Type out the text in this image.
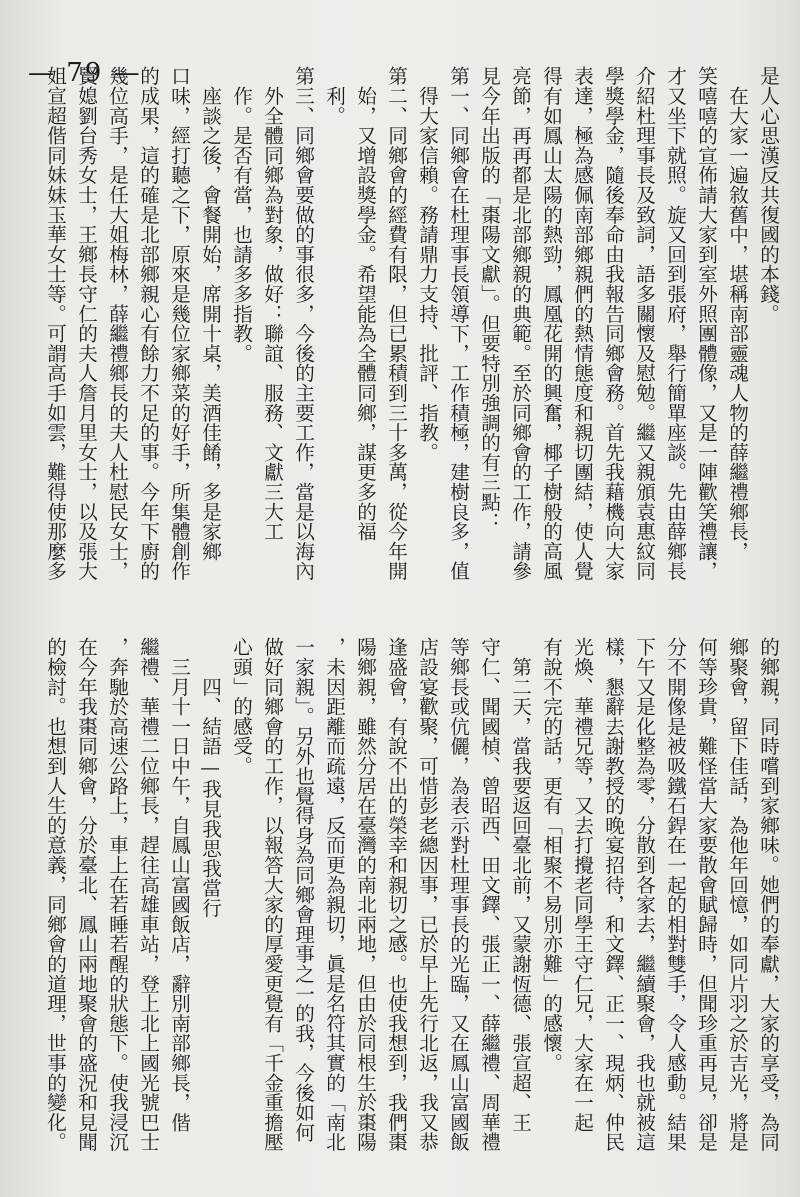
— 79 —	是人心思漢反共復國的本錢。
　在大家一遍敘舊中，堪稱南部靈魂人物的薛繼禮鄉長，
笑嘻嘻的宣佈請大家到室外照團體像，又是一陣歡笑禮讓，
才又坐下就照。旋又回到張府，舉行簡單座談。先由薛鄉長
介紹杜理事長及致詞，語多關懷及慰勉。繼又親頒袁惠紋同
學獎學金，隨後奉命由我報告同鄉會務。首先我藉機向大家
表達，極為感佩南部鄉親們的熱情態度和親切團結，使人覺
得有如鳳山太陽的熱勁，鳳凰花開的興奮，椰子樹般的高風
亮節，再再都是北部鄉親的典範。至於同鄉會的工作，請參
見今年出版的「棗陽文獻」。但要特別強調的有三點：
第一、同鄉會在杜理事長領導下，工作積極，建樹良多，值
　得大家信賴。務請鼎力支持、批評、指教。
第二、同鄉會的經費有限，但已累積到三十多萬，從今年開
　始，又增設獎學金。希望能為全體同鄉，謀更多的福
　利。
第三、同鄉會要做的事很多，今後的主要工作，當是以海內
　外全體同鄉為對象，做好：聯誼、服務、文獻三大工
　作。是否有當，也請多多指教。
　座談之後，會餐開始，席開十桌，美酒佳餚，多是家鄉
口味，經打聽之下，原來是幾位家鄉菜的好手，所集體創作
的成果，這的確是北部鄉親心有餘力不足的事。今年下廚的
幾位高手，是任大姐梅林，薛繼禮鄉長的夫人杜慰民女士，
賢媳劉台秀女士，王鄉長守仁的夫人詹月里女士，以及張大
姐宣超偕同妹妹玉華女士等。可謂高手如雲，難得使那麼多
的鄉親，同時嚐到家鄉味。她們的奉獻，大家的享受，為同
鄉聚會，留下佳話，為他年回憶，如同片羽之於吉光，將是
何等珍貴，難怪當大家要散會賦歸時，但聞珍重再見，卻是
分不開像是被吸鐵石銲在一起的相對雙手，令人感動。結果
下午又是化整為零，分散到各家去，繼續聚會，我也就被這
樣，懇辭去謝教授的晚宴招待，和文鐸、正一、現炳、仲民
光煥、華禮兄等，又去打攪老同學王守仁兄，大家在一起
有說不完的話，更有「相聚不易別亦難」的感懷。
　第二天，當我要返回臺北前，又蒙謝恆德、張宣超、王
守仁、聞國楨、曾昭西、田文鐸、張正一、薛繼禮、周華禮
等鄉長或伉儷，為表示對杜理事長的光臨，又在鳳山富國飯
店設宴歡聚，可惜彭老總因事，已於早上先行北返，我又恭
逢盛會，有說不出的榮幸和親切之感。也使我想到，我們棗
陽鄉親，雖然分居在臺灣的南北兩地，但由於同根生於棗陽
，未因距離而疏遠，反而更為親切，眞是名符其實的「南北
一家親」。另外也覺得身為同鄉會理事之一的我，今後如何
做好同鄉會的工作，以報答大家的厚愛更覺有「千金重擔壓
心頭」的感受。
　　四、結語—我見我思我當行
　三月十一日中午，自鳳山富國飯店，辭別南部鄉長，偕
繼禮、華禮二位鄉長，趕往高雄車站，登上北上國光號巴士
，奔馳於高速公路上，車上在若睡若醒的狀態下。使我浸沉
在今年我棗同鄉會，分於臺北、鳳山兩地聚會的盛況和見聞
的檢討。也想到人生的意義，同鄉會的道理，世事的變化。
